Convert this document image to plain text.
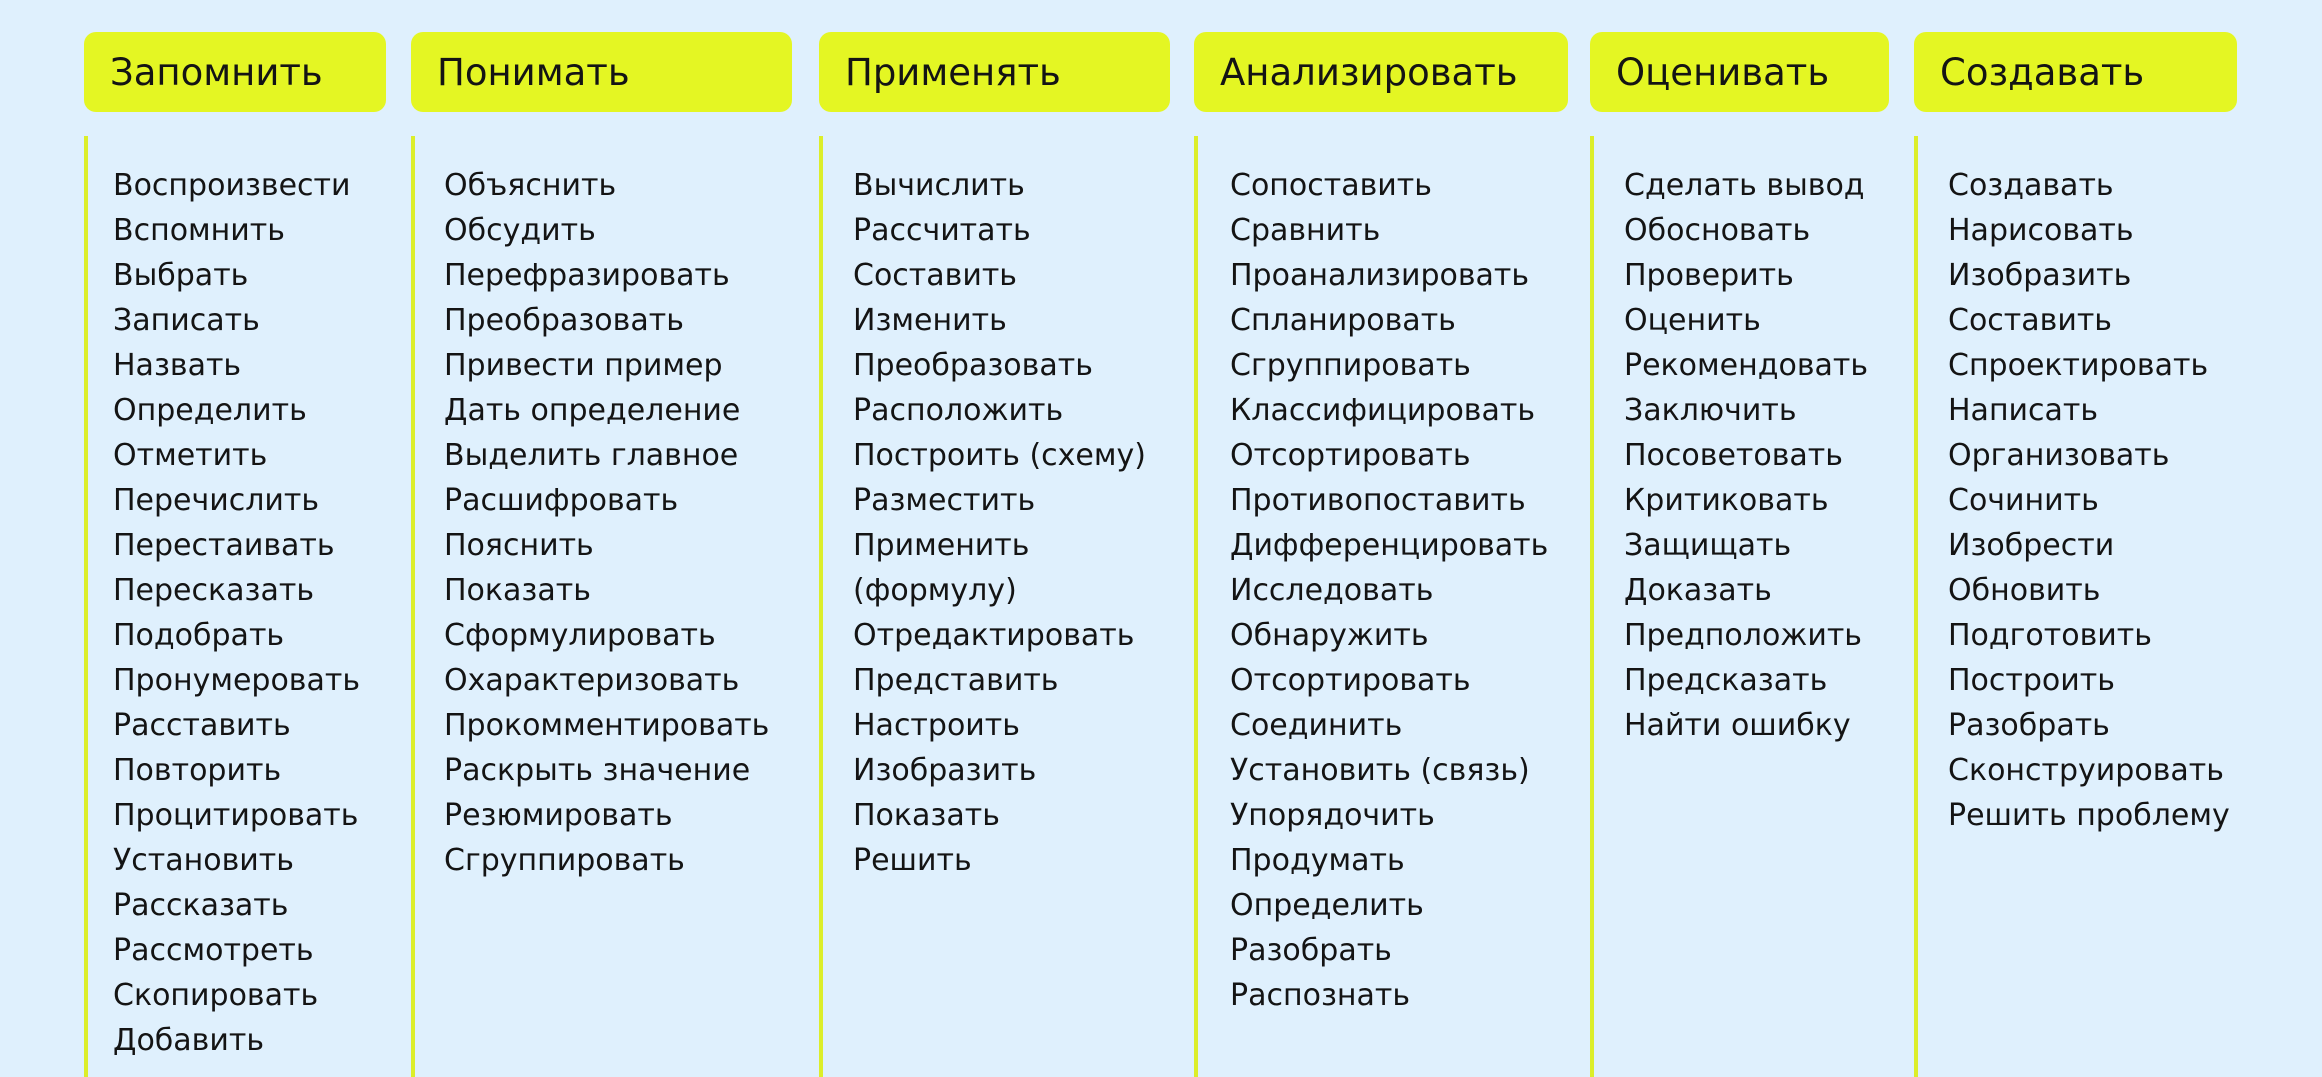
Запомнить
Воспроизвести
Вспомнить
Выбрать
Записать
Назвать
Определить
Отметить
Перечислить
Перестаивать
Пересказать
Подобрать
Пронумеровать
Расставить
Повторить
Процитировать
Установить
Рассказать
Рассмотреть
Скопировать
Добавить
Понимать
Объяснить
Обсудить
Перефразировать
Преобразовать
Привести пример
Дать определение
Выделить главное
Расшифровать
Пояснить
Показать
Сформулировать
Охарактеризовать
Прокомментировать
Раскрыть значение
Резюмировать
Сгруппировать
Применять
Вычислить
Рассчитать
Составить
Изменить
Преобразовать
Расположить
Построить (схему)
Разместить
Применить
(формулу)
Отредактировать
Представить
Настроить
Изобразить
Показать
Решить
Анализировать
Сопоставить
Сравнить
Проанализировать
Спланировать
Сгруппировать
Классифицировать
Отсортировать
Противопоставить
Дифференцировать
Исследовать
Обнаружить
Отсортировать
Соединить
Установить (связь)
Упорядочить
Продумать
Определить
Разобрать
Распознать
Оценивать
Сделать вывод
Обосновать
Проверить
Оценить
Рекомендовать
Заключить
Посоветовать
Критиковать
Защищать
Доказать
Предположить
Предсказать
Найти ошибку
Создавать
Создавать
Нарисовать
Изобразить
Составить
Спроектировать
Написать
Организовать
Сочинить
Изобрести
Обновить
Подготовить
Построить
Разобрать
Сконструировать
Решить проблему
